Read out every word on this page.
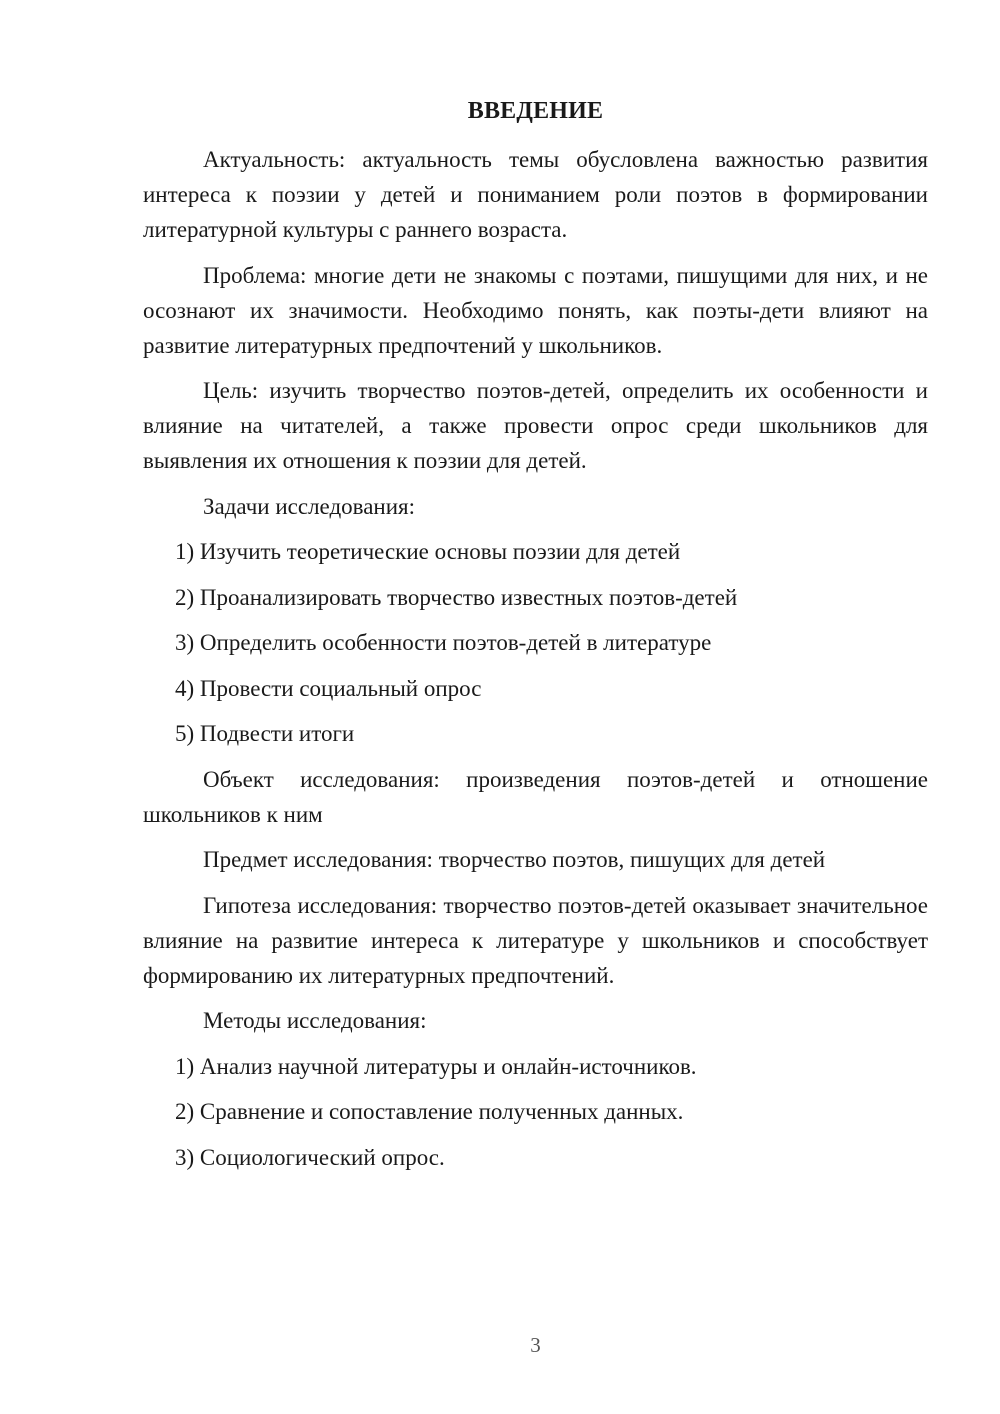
ВВЕДЕНИЕ

Актуальность: актуальность темы обусловлена важностью развития интереса к поэзии у детей и пониманием роли поэтов в формировании литературной культуры с раннего возраста.

Проблема: многие дети не знакомы с поэтами, пишущими для них, и не осознают их значимости. Необходимо понять, как поэты-дети влияют на развитие литературных предпочтений у школьников.

Цель: изучить творчество поэтов-детей, определить их особенности и влияние на читателей, а также провести опрос среди школьников для выявления их отношения к поэзии для детей.

Задачи исследования:

1) Изучить теоретические основы поэзии для детей
2) Проанализировать творчество известных поэтов-детей
3) Определить особенности поэтов-детей в литературе
4) Провести социальный опрос
5) Подвести итоги

Объект исследования: произведения поэтов-детей и отношение школьников к ним

Предмет исследования: творчество поэтов, пишущих для детей

Гипотеза исследования: творчество поэтов-детей оказывает значительное влияние на развитие интереса к литературе у школьников и способствует формированию их литературных предпочтений.

Методы исследования:

1) Анализ научной литературы и онлайн-источников.
2) Сравнение и сопоставление полученных данных.
3) Социологический опрос.
3
